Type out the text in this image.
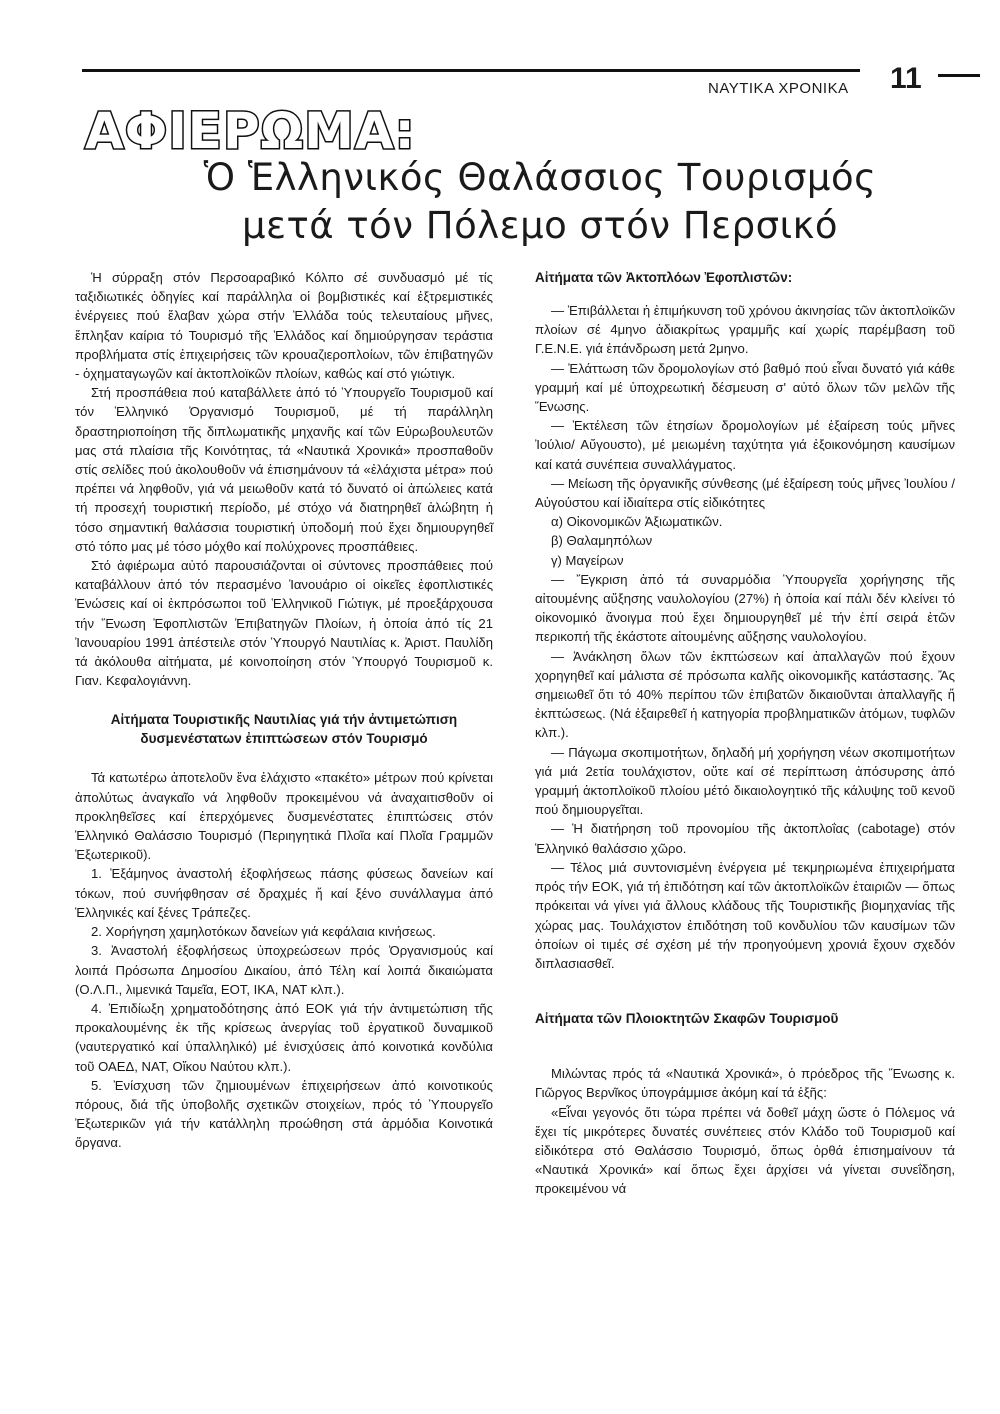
ΝΑΥΤΙΚΑ ΧΡΟΝΙΚΑ 11
ΑΦΙΕΡΩΜΑ:
Ὁ Ἑλληνικός Θαλάσσιος Τουρισμός
μετά τόν Πόλεμο στόν Περσικό

Ἡ σύρραξη στόν Περσοαραβικό Κόλπο σέ συνδυασμό μέ τίς ταξιδιωτικές ὁδηγίες καί παράλληλα οἱ βομβιστικές καί ἐξτρεμιστικές ἐνέργειες πού ἔλαβαν χώρα στήν Ἑλλάδα τούς τελευταίους μῆνες, ἔπληξαν καίρια τό Τουρισμό τῆς Ἑλλάδος καί δημιούργησαν τεράστια προβλήματα στίς ἐπιχειρήσεις τῶν κρουαζιεροπλοίων, τῶν ἐπιβατηγῶν - ὀχηματαγωγῶν καί ἀκτοπλοϊκῶν πλοίων, καθώς καί στό γιώτιγκ.

Στή προσπάθεια πού καταβάλλετε ἀπό τό Ὑπουργεῖο Τουρισμοῦ καί τόν Ἑλληνικό Ὀργανισμό Τουρισμοῦ, μέ τή παράλληλη δραστηριοποίηση τῆς διπλωματικῆς μηχανῆς καί τῶν Εὐρωβουλευτῶν μας στά πλαίσια τῆς Κοινότητας, τά «Ναυτικά Χρονικά» προσπαθοῦν στίς σελίδες πού ἀκολουθοῦν νά ἐπισημάνουν τά «ἐλάχιστα μέτρα» πού πρέπει νά ληφθοῦν, γιά νά μειωθοῦν κατά τό δυνατό οἱ ἀπώλειες κατά τή προσεχή τουριστική περίοδο, μέ στόχο νά διατηρηθεῖ ἀλώβητη ἡ τόσο σημαντική θαλάσσια τουριστική ὑποδομή πού ἔχει δημιουργηθεῖ στό τόπο μας μέ τόσο μόχθο καί πολύχρονες προσπάθειες.

Στό ἀφιέρωμα αὐτό παρουσιάζονται οἱ σύντονες προσπάθειες πού καταβάλλουν ἀπό τόν περασμένο Ἰανουάριο οἱ οἰκεῖες ἐφοπλιστικές Ἑνώσεις καί οἱ ἐκπρόσωποι τοῦ Ἑλληνικοῦ Γιώτιγκ, μέ προεξάρχουσα τήν Ἕνωση Ἐφοπλιστῶν Ἐπιβατηγῶν Πλοίων, ἡ ὁποία ἀπό τίς 21 Ἰανουαρίου 1991 ἀπέστειλε στόν Ὑπουργό Ναυτιλίας κ. Ἀριστ. Παυλίδη τά ἀκόλουθα αἰτήματα, μέ κοινοποίηση στόν Ὑπουργό Τουρισμοῦ κ. Γιαν. Κεφαλογιάννη.

Αἰτήματα Τουριστικῆς Ναυτιλίας γιά τήν ἀντιμετώπιση δυσμενέστατων ἐπιπτώσεων στόν Τουρισμό

Τά κατωτέρω ἀποτελοῦν ἕνα ἐλάχιστο «πακέτο» μέτρων πού κρίνεται ἀπολύτως ἀναγκαῖο νά ληφθοῦν προκειμένου νά ἀναχαιτισθοῦν οἱ προκληθεῖσες καί ἐπερχόμενες δυσμενέστατες ἐπιπτώσεις στόν Ἑλληνικό Θαλάσσιο Τουρισμό (Περιηγητικά Πλοῖα καί Πλοῖα Γραμμῶν Ἐξωτερικοῦ).

1. Ἑξάμηνος ἀναστολή ἐξοφλήσεως πάσης φύσεως δανείων καί τόκων, πού συνήφθησαν σέ δραχμές ἤ καί ξένο συνάλλαγμα ἀπό Ἑλληνικές καί ξένες Τράπεζες.

2. Χορήγηση χαμηλοτόκων δανείων γιά κεφάλαια κινήσεως.

3. Ἀναστολή ἐξοφλήσεως ὑποχρεώσεων πρός Ὀργανισμούς καί λοιπά Πρόσωπα Δημοσίου Δικαίου, ἀπό Τέλη καί λοιπά δικαιώματα (Ο.Λ.Π., λιμενικά Ταμεῖα, ΕΟΤ, ΙΚΑ, ΝΑΤ κλπ.).

4. Ἐπιδίωξη χρηματοδότησης ἀπό ΕΟΚ γιά τήν ἀντιμετώπιση τῆς προκαλουμένης ἐκ τῆς κρίσεως ἀνεργίας τοῦ ἐργατικοῦ δυναμικοῦ (ναυτεργατικό καί ὑπαλληλικό) μέ ἐνισχύσεις ἀπό κοινοτικά κονδύλια τοῦ ΟΑΕΔ, ΝΑΤ, Οἴκου Ναύτου κλπ.).

5. Ἐνίσχυση τῶν ζημιουμένων ἐπιχειρήσεων ἀπό κοινοτικούς πόρους, διά τῆς ὑποβολῆς σχετικῶν στοιχείων, πρός τό Ὑπουργεῖο Ἐξωτερικῶν γιά τήν κατάλληλη προώθηση στά ἁρμόδια Κοινοτικά ὄργανα.

Αἰτήματα τῶν Ἀκτοπλόων Ἐφοπλιστῶν:

— Ἐπιβάλλεται ἡ ἐπιμήκυνση τοῦ χρόνου ἀκινησίας τῶν ἀκτοπλοϊκῶν πλοίων σέ 4μηνο ἀδιακρίτως γραμμῆς καί χωρίς παρέμβαση τοῦ Γ.Ε.Ν.Ε. γιά ἐπάνδρωση μετά 2μηνο.

— Ἐλάττωση τῶν δρομολογίων στό βαθμό πού εἶναι δυνατό γιά κάθε γραμμή καί μέ ὑποχρεωτική δέσμευση σ' αὐτό ὅλων τῶν μελῶν τῆς Ἕνωσης.

— Ἐκτέλεση τῶν ἐτησίων δρομολογίων μέ ἐξαίρεση τούς μῆνες Ἰούλιο/ Αὔγουστο), μέ μειωμένη ταχύτητα γιά ἐξοικονόμηση καυσίμων καί κατά συνέπεια συναλλάγματος.

— Μείωση τῆς ὀργανικῆς σύνθεσης (μέ ἐξαίρεση τούς μῆνες Ἰουλίου / Αὐγούστου καί ἰδιαίτερα στίς εἰδικότητες

α) Οἰκονομικῶν Ἀξιωματικῶν.
β) Θαλαμηπόλων
γ) Μαγείρων

— Ἔγκριση ἀπό τά συναρμόδια Ὑπουργεῖα χορήγησης τῆς αἰτουμένης αὔξησης ναυλολογίου (27%) ἡ ὁποία καί πάλι δέν κλείνει τό οἰκονομικό ἄνοιγμα πού ἔχει δημιουργηθεῖ μέ τήν ἐπί σειρά ἐτῶν περικοπή τῆς ἑκάστοτε αἰτουμένης αὔξησης ναυλολογίου.

— Ἀνάκληση ὅλων τῶν ἐκπτώσεων καί ἀπαλλαγῶν πού ἔχουν χορηγηθεῖ καί μάλιστα σέ πρόσωπα καλῆς οἰκονομικῆς κατάστασης. Ἄς σημειωθεῖ ὅτι τό 40% περίπου τῶν ἐπιβατῶν δικαιοῦνται ἀπαλλαγῆς ἤ ἐκπτώσεως. (Νά ἐξαιρεθεῖ ἡ κατηγορία προβληματικῶν ἀτόμων, τυφλῶν κλπ.).

— Πάγωμα σκοπιμοτήτων, δηλαδή μή χορήγηση νέων σκοπιμοτήτων γιά μιά 2ετία τουλάχιστον, οὔτε καί σέ περίπτωση ἀπόσυρσης ἀπό γραμμή ἀκτοπλοϊκοῦ πλοίου μέτό δικαιολογητικό τῆς κάλυψης τοῦ κενοῦ πού δημιουργεῖται.

— Ἡ διατήρηση τοῦ προνομίου τῆς ἀκτοπλοΐας (cabotage) στόν Ἑλληνικό θαλάσσιο χῶρο.

— Τέλος μιά συντονισμένη ἐνέργεια μέ τεκμηριωμένα ἐπιχειρήματα πρός τήν ΕΟΚ, γιά τή ἐπιδότηση καί τῶν ἀκτοπλοϊκῶν ἑταιριῶν — ὅπως πρόκειται νά γίνει γιά ἄλλους κλάδους τῆς Τουριστικῆς βιομηχανίας τῆς χώρας μας. Τουλάχιστον ἐπιδότηση τοῦ κονδυλίου τῶν καυσίμων τῶν ὁποίων οἱ τιμές σέ σχέση μέ τήν προηγούμενη χρονιά ἔχουν σχεδόν διπλασιασθεῖ.

Αἰτήματα τῶν Πλοιοκτητῶν Σκαφῶν Τουρισμοῦ

Μιλώντας πρός τά «Ναυτικά Χρονικά», ὁ πρόεδρος τῆς Ἕνωσης κ. Γιῶργος Βερνῖκος ὑπογράμμισε ἀκόμη καί τά ἑξῆς:

«Εἶναι γεγονός ὅτι τώρα πρέπει νά δοθεῖ μάχη ὥστε ὁ Πόλεμος νά ἔχει τίς μικρότερες δυνατές συνέπειες στόν Κλάδο τοῦ Τουρισμοῦ καί εἰδικότερα στό Θαλάσσιο Τουρισμό, ὅπως ὀρθά ἐπισημαίνουν τά «Ναυτικά Χρονικά» καί ὅπως ἔχει ἀρχίσει νά γίνεται συνεΐδηση, προκειμένου νά
